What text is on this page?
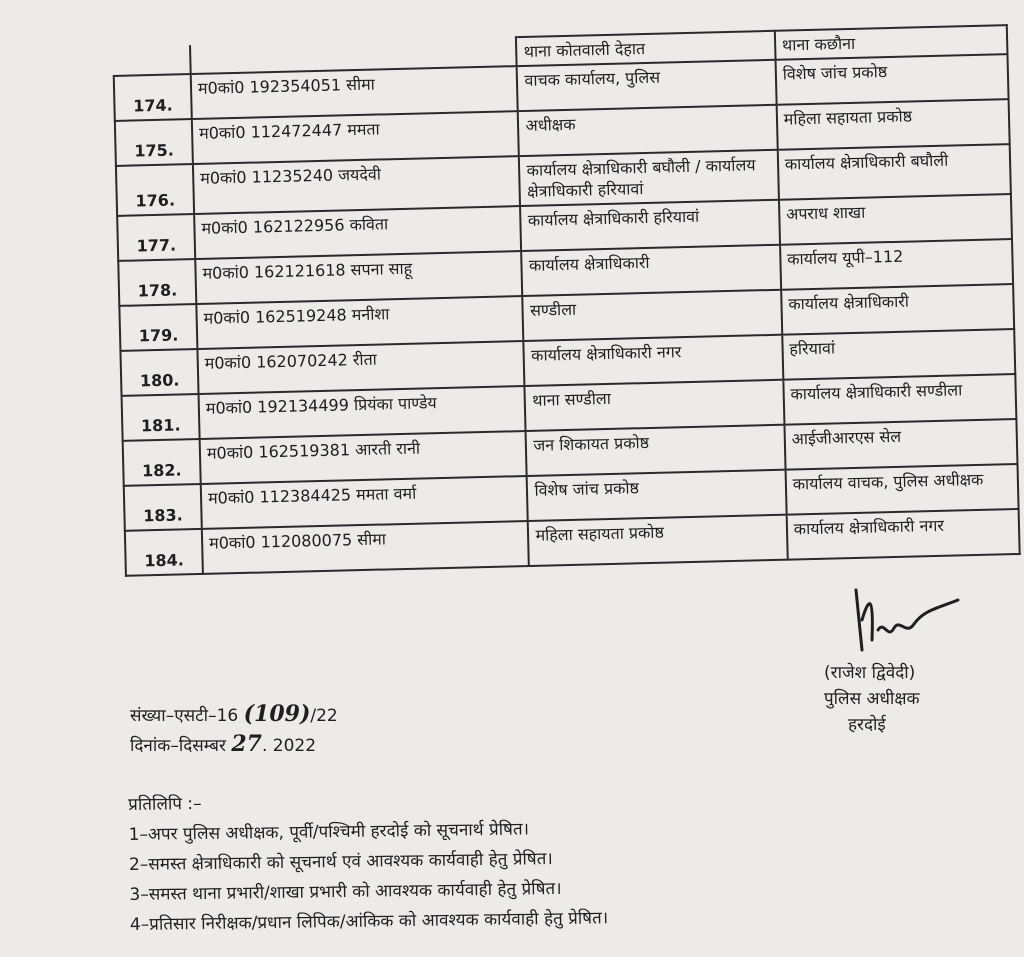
		थाना कोतवाली देहात	थाना कछौना
174.	म0कां0 192354051 सीमा	वाचक कार्यालय, पुलिस	विशेष जांच प्रकोष्ठ
175.	म0कां0 112472447 ममता	अधीक्षक	महिला सहायता प्रकोष्ठ
176.	म0कां0 11235240 जयदेवी	कार्यालय क्षेत्राधिकारी बघौली / कार्यालय क्षेत्राधिकारी हरियावां	कार्यालय क्षेत्राधिकारी बघौली
177.	म0कां0 162122956 कविता	कार्यालय क्षेत्राधिकारी हरियावां	अपराध शाखा
178.	म0कां0 162121618 सपना साहू	कार्यालय क्षेत्राधिकारी	कार्यालय यूपी–112
179.	म0कां0 162519248 मनीशा	सण्डीला	कार्यालय क्षेत्राधिकारी
180.	म0कां0 162070242 रीता	कार्यालय क्षेत्राधिकारी नगर	हरियावां
181.	म0कां0 192134499 प्रियंका पाण्डेय	थाना सण्डीला	कार्यालय क्षेत्राधिकारी सण्डीला
182.	म0कां0 162519381 आरती रानी	जन शिकायत प्रकोष्ठ	आईजीआरएस सेल
183.	म0कां0 112384425 ममता वर्मा	विशेष जांच प्रकोष्ठ	कार्यालय वाचक, पुलिस अधीक्षक
184.	म0कां0 112080075 सीमा	महिला सहायता प्रकोष्ठ	कार्यालय क्षेत्राधिकारी नगर
(राजेश द्विवेदी)
पुलिस अधीक्षक
हरदोई
संख्या–एसटी–16 (109)/22
दिनांक–दिसम्बर 27. 2022
प्रतिलिपि :–
1–अपर पुलिस अधीक्षक, पूर्वी/पश्चिमी हरदोई को सूचनार्थ प्रेषित।
2–समस्त क्षेत्राधिकारी को सूचनार्थ एवं आवश्यक कार्यवाही हेतु प्रेषित।
3–समस्त थाना प्रभारी/शाखा प्रभारी को आवश्यक कार्यवाही हेतु प्रेषित।
4–प्रतिसार निरीक्षक/प्रधान लिपिक/आंकिक को आवश्यक कार्यवाही हेतु प्रेषित।
